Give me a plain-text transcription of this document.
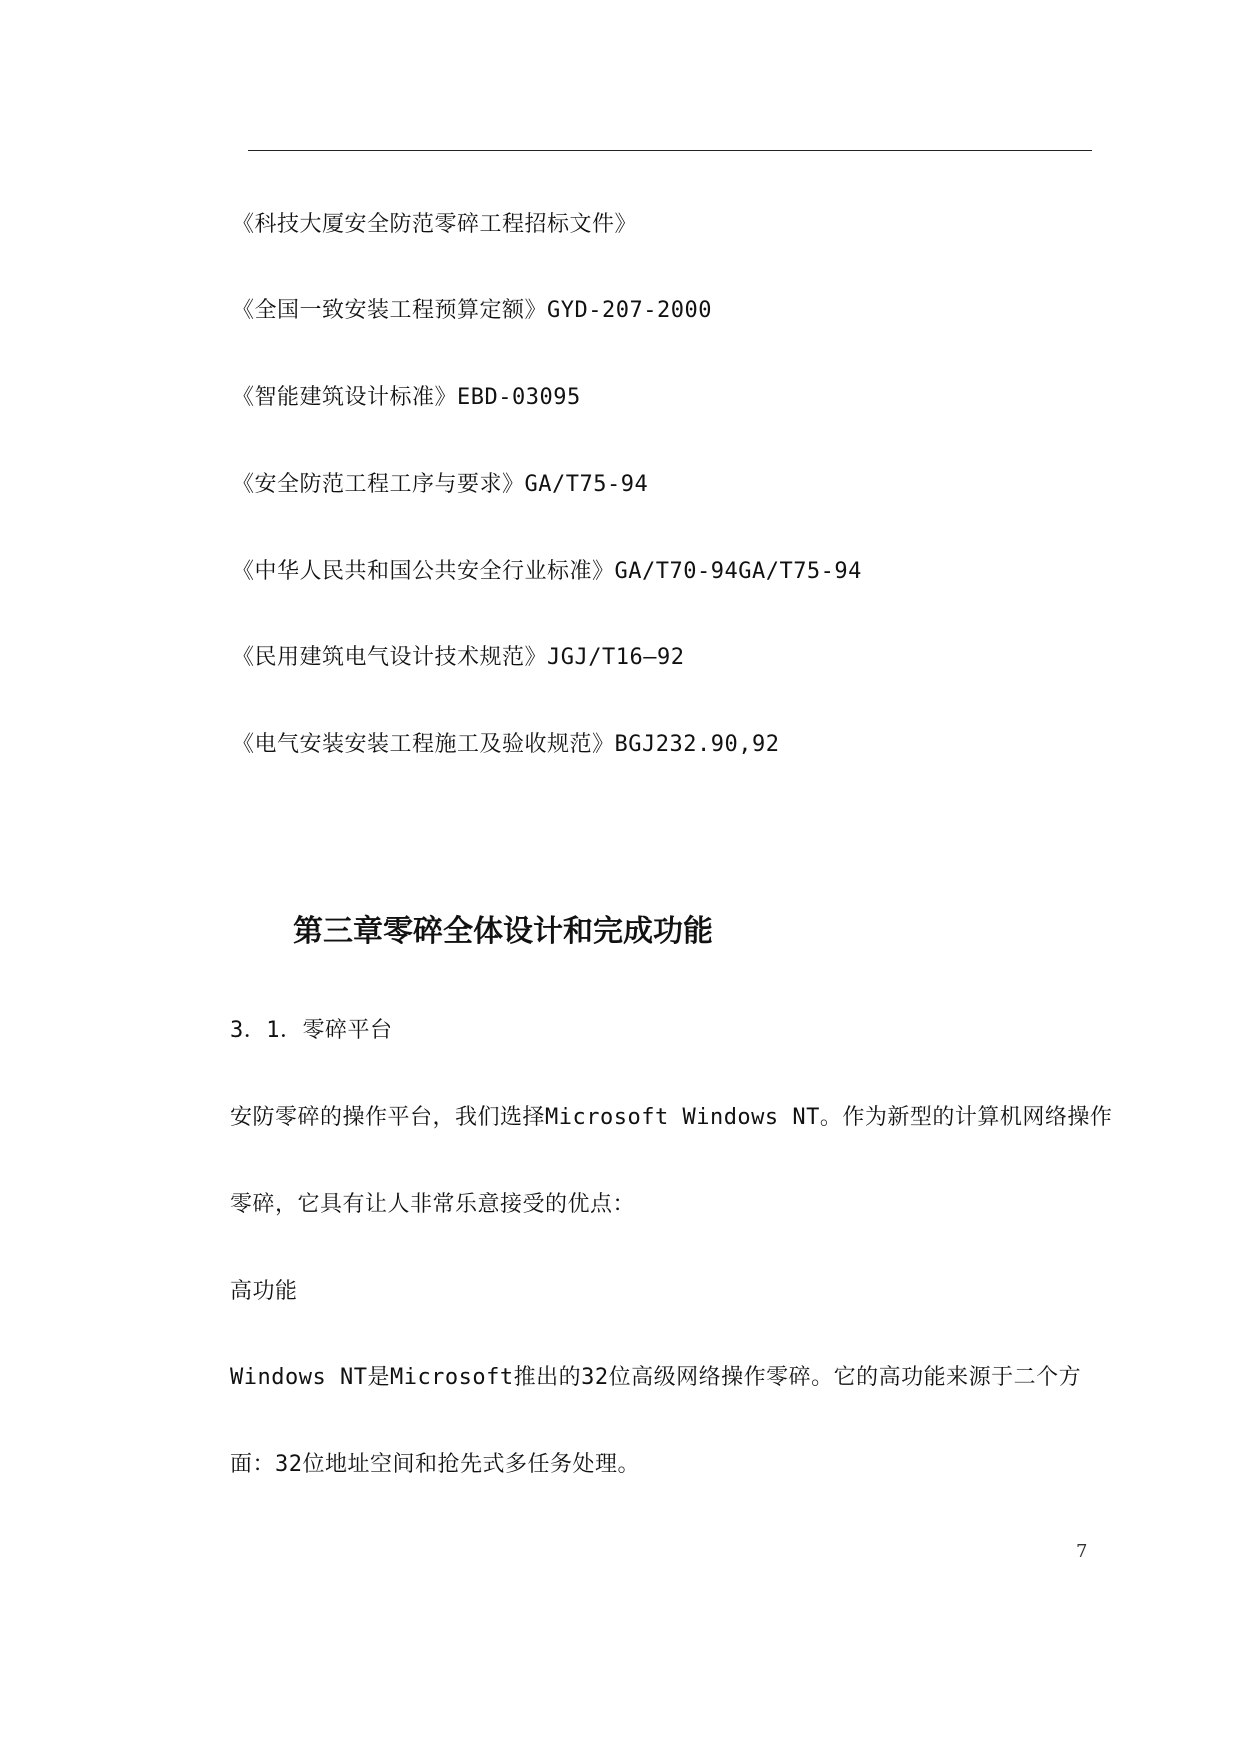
《科技大厦安全防范零碎工程招标文件》
《全国一致安装工程预算定额》GYD-207-2000
《智能建筑设计标准》EBD-03095
《安全防范工程工序与要求》GA/T75-94
《中华人民共和国公共安全行业标准》GA/T70-94GA/T75-94
《民用建筑电气设计技术规范》JGJ/T16—92
《电气安装安装工程施工及验收规范》BGJ232.90,92
第三章零碎全体设计和完成功能
3．1．零碎平台
安防零碎的操作平台，我们选择Microsoft Windows NT。作为新型的计算机网络操作
零碎，它具有让人非常乐意接受的优点：
高功能
Windows NT是Microsoft推出的32位高级网络操作零碎。它的高功能来源于二个方
面：32位地址空间和抢先式多任务处理。
7
